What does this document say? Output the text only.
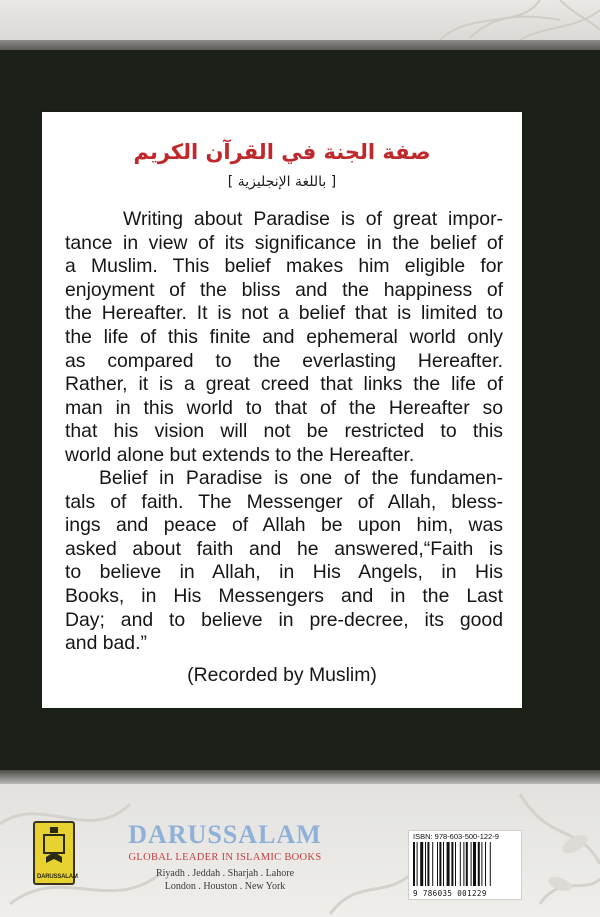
صفة الجنة في القرآن الكريم
[ باللغة الإنجليزية ]
Writing about Paradise is of great impor-
tance in view of its significance in the belief of
a Muslim. This belief makes him eligible for
enjoyment of the bliss and the happiness of
the Hereafter. It is not a belief that is limited to
the life of this finite and ephemeral world only
as compared to the everlasting Hereafter.
Rather, it is a great creed that links the life of
man in this world to that of the Hereafter so
that his vision will not be restricted to this
world alone but extends to the Hereafter.
Belief in Paradise is one of the fundamen-
tals of faith. The Messenger of Allah, bless-
ings and peace of Allah be upon him, was
asked about faith and he answered,“Faith is
to believe in Allah, in His Angels, in His
Books, in His Messengers and in the Last
Day; and to believe in pre-decree, its good
and bad.”
(Recorded by Muslim)
DARUSSALAM
DARUSSALAM
GLOBAL LEADER IN ISLAMIC BOOKS
Riyadh . Jeddah . Sharjah . Lahore
London . Houston . New York
ISBN: 978-603-500-122-9
9 786035 001229
